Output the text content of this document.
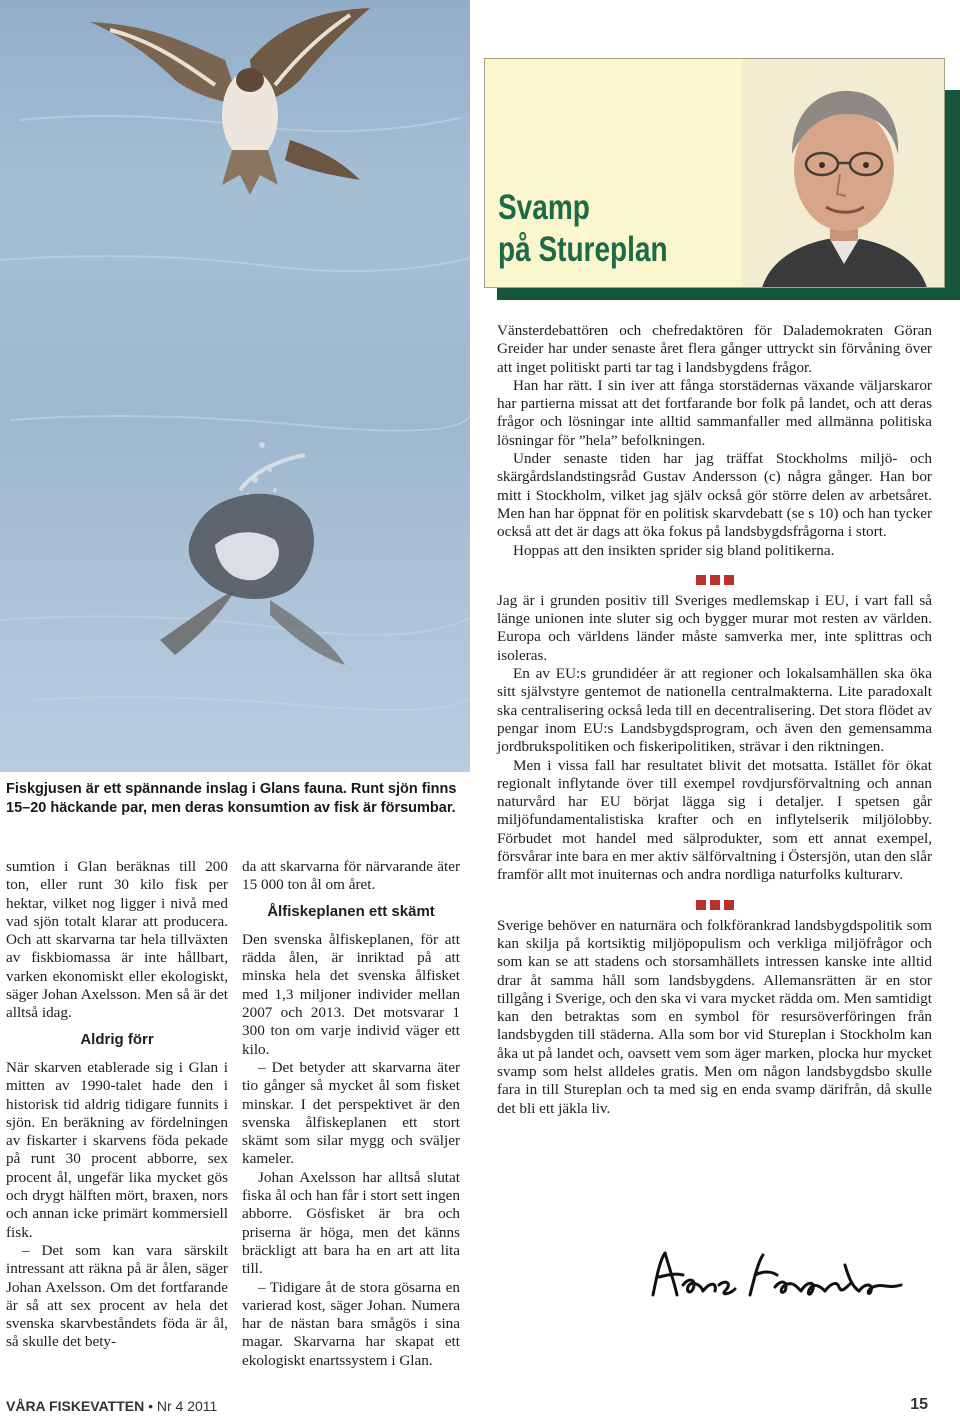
Fiskgjusen är ett spännande inslag i Glans fauna. Runt sjön finns 15–20 häckande par, men deras konsumtion av fisk är försumbar.

sumtion i Glan beräknas till 200 ton, eller runt 30 kilo fisk per hektar, vilket nog ligger i nivå med vad sjön totalt klarar att producera. Och att skarvarna tar hela tillväxten av fiskbiomassa är inte hållbart, varken ekonomiskt eller ekologiskt, säger Johan Axelsson. Men så är det alltså idag.

Aldrig förr

När skarven etablerade sig i Glan i mitten av 1990-talet hade den i historisk tid aldrig tidigare funnits i sjön. En beräkning av fördelningen av fiskarter i skarvens föda pekade på runt 30 procent abborre, sex procent ål, ungefär lika mycket gös och drygt hälften mört, braxen, nors och annan icke primärt kommersiell fisk.

– Det som kan vara särskilt intressant att räkna på är ålen, säger Johan Axelsson. Om det fortfarande är så att sex procent av hela det svenska skarvbeståndets föda är ål, så skulle det bety-

da att skarvarna för närvarande äter 15 000 ton ål om året.

Ålfiskeplanen ett skämt

Den svenska ålfiskeplanen, för att rädda ålen, är inriktad på att minska hela det svenska ålfisket med 1,3 miljoner individer mellan 2007 och 2013. Det motsvarar 1 300 ton om varje individ väger ett kilo.

– Det betyder att skarvarna äter tio gånger så mycket ål som fisket minskar. I det perspektivet är den svenska ålfiskeplanen ett stort skämt som silar mygg och sväljer kameler.

Johan Axelsson har alltså slutat fiska ål och han får i stort sett ingen abborre. Gösfisket är bra och priserna är höga, men det känns bräckligt att bara ha en art att lita till.

– Tidigare åt de stora gösarna en varierad kost, säger Johan. Numera har de nästan bara smågös i sina magar. Skarvarna har skapat ett ekologiskt enartssystem i Glan.

Svamp
på Stureplan

Vänsterdebattören och chefredaktören för Dalademokraten Göran Greider har under senaste året flera gånger uttryckt sin förvåning över att inget politiskt parti tar tag i landsbygdens frågor.

Han har rätt. I sin iver att fånga storstädernas växande väljarskaror har partierna missat att det fortfarande bor folk på landet, och att deras frågor och lösningar inte alltid sammanfaller med allmänna politiska lösningar för ”hela” befolkningen.

Under senaste tiden har jag träffat Stockholms miljö- och skärgårdslandstingsråd Gustav Andersson (c) några gånger. Han bor mitt i Stockholm, vilket jag själv också gör större delen av arbetsåret. Men han har öppnat för en politisk skarvdebatt (se s 10) och han tycker också att det är dags att öka fokus på landsbygdsfrågorna i stort.

Hoppas att den insikten sprider sig bland politikerna.

Jag är i grunden positiv till Sveriges medlemskap i EU, i vart fall så länge unionen inte sluter sig och bygger murar mot resten av världen. Europa och världens länder måste samverka mer, inte splittras och isoleras.

En av EU:s grundidéer är att regioner och lokalsamhällen ska öka sitt självstyre gentemot de nationella centralmakterna. Lite paradoxalt ska centralisering också leda till en decentralisering. Det stora flödet av pengar inom EU:s Landsbygdsprogram, och även den gemensamma jordbrukspolitiken och fiskeripolitiken, strävar i den riktningen.

Men i vissa fall har resultatet blivit det motsatta. Istället för ökat regionalt inflytande över till exempel rovdjursförvaltning och annan naturvård har EU börjat lägga sig i detaljer. I spetsen går miljöfundamentalistiska krafter och en inflytelserik miljölobby. Förbudet mot handel med sälprodukter, som ett annat exempel, försvårar inte bara en mer aktiv sälförvaltning i Östersjön, utan den slår framför allt mot inuiternas och andra nordliga naturfolks kulturarv.

Sverige behöver en naturnära och folkförankrad landsbygdspolitik som kan skilja på kortsiktig miljöpopulism och verkliga miljöfrågor och som kan se att stadens och storsamhällets intressen kanske inte alltid drar åt samma håll som landsbygdens. Allemansrätten är en stor tillgång i Sverige, och den ska vi vara mycket rädda om. Men samtidigt kan den betraktas som en symbol för resursöverföringen från landsbygden till städerna. Alla som bor vid Stureplan i Stockholm kan åka ut på landet och, oavsett vem som äger marken, plocka hur mycket svamp som helst alldeles gratis. Men om någon landsbygdsbo skulle fara in till Stureplan och ta med sig en enda svamp därifrån, då skulle det bli ett jäkla liv.

VÅRA FISKEVATTEN • Nr 4 2011	15
